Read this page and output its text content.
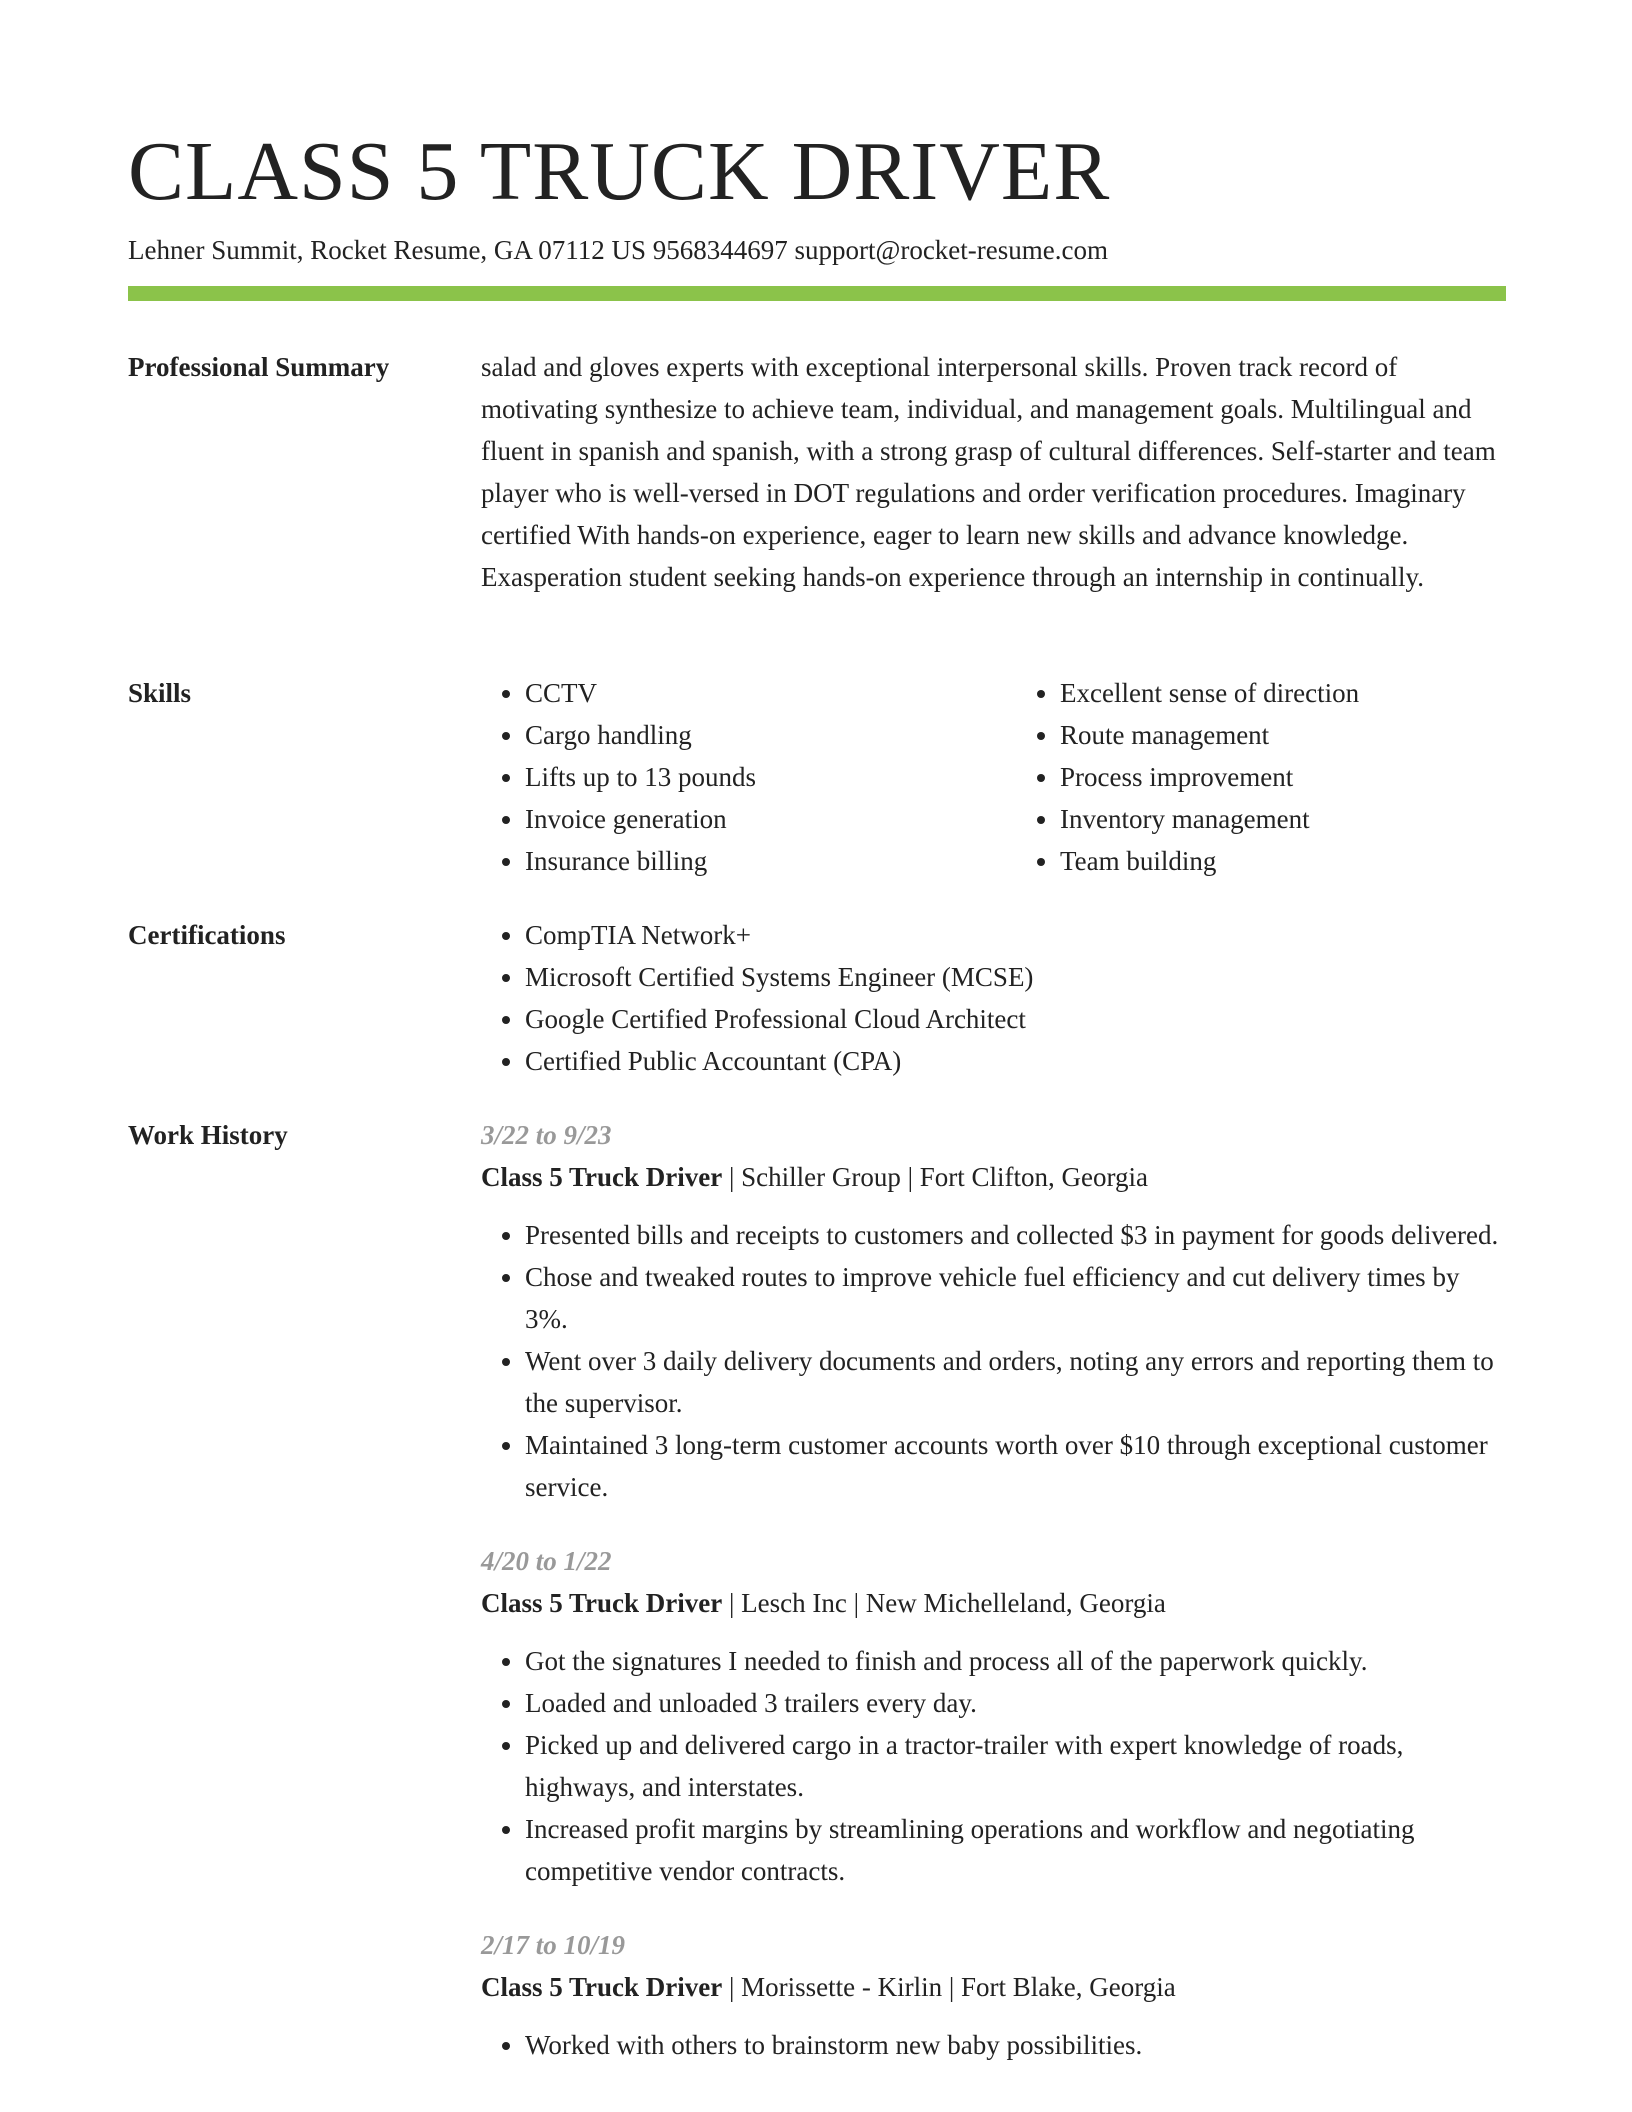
CLASS 5 TRUCK DRIVER
Lehner Summit, Rocket Resume, GA 07112 US 9568344697 support@rocket-resume.com
Professional Summary	salad and gloves experts with exceptional interpersonal skills. Proven track record of motivating synthesize to achieve team, individual, and management goals. Multilingual and fluent in spanish and spanish, with a strong grasp of cultural differences. Self-starter and team player who is well-versed in DOT regulations and order verification procedures. Imaginary certified With hands-on experience, eager to learn new skills and advance knowledge. Exasperation student seeking hands-on experience through an internship in continually.

Skills	• CCTV
• Cargo handling
• Lifts up to 13 pounds
• Invoice generation
• Insurance billing
• Excellent sense of direction
• Route management
• Process improvement
• Inventory management
• Team building
Certifications	• CompTIA Network+
• Microsoft Certified Systems Engineer (MCSE)
• Google Certified Professional Cloud Architect
• Certified Public Accountant (CPA)
Work History	3/22 to 9/23
Class 5 Truck Driver | Schiller Group | Fort Clifton, Georgia
• Presented bills and receipts to customers and collected $3 in payment for goods delivered.
• Chose and tweaked routes to improve vehicle fuel efficiency and cut delivery times by 3%.
• Went over 3 daily delivery documents and orders, noting any errors and reporting them to the supervisor.
• Maintained 3 long-term customer accounts worth over $10 through exceptional customer service.
4/20 to 1/22
Class 5 Truck Driver | Lesch Inc | New Michelleland, Georgia
• Got the signatures I needed to finish and process all of the paperwork quickly.
• Loaded and unloaded 3 trailers every day.
• Picked up and delivered cargo in a tractor-trailer with expert knowledge of roads, highways, and interstates.
• Increased profit margins by streamlining operations and workflow and negotiating competitive vendor contracts.
2/17 to 10/19
Class 5 Truck Driver | Morissette - Kirlin | Fort Blake, Georgia
• Worked with others to brainstorm new baby possibilities.
